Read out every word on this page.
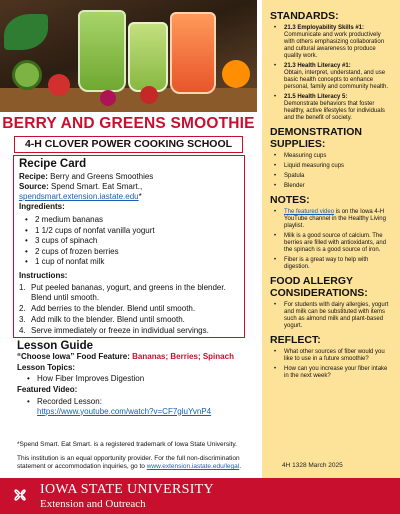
BERRY AND GREENS SMOOTHIE
4-H CLOVER POWER COOKING SCHOOL
Recipe Card
Recipe: Berry and Greens Smoothies
Source: Spend Smart. Eat Smart., spendsmart.extension.iastate.edu*
Ingredients:
• 2 medium bananas
• 1 1/2 cups of nonfat vanilla yogurt
• 3 cups of spinach
• 2 cups of frozen berries
• 1 cup of nonfat milk
Instructions:
1. Put peeled bananas, yogurt, and greens in the blender. Blend until smooth.
2. Add berries to the blender. Blend until smooth.
3. Add milk to the blender. Blend until smooth.
4. Serve immediately or freeze in individual servings.
Lesson Guide
“Choose Iowa” Food Feature: Bananas; Berries; Spinach
Lesson Topics:
• How Fiber Improves Digestion
Featured Video:
• Recorded Lesson:
https://www.youtube.com/watch?v=CF7gluYvnP4
*Spend Smart. Eat Smart. is a registered trademark of Iowa State University.
This institution is an equal opportunity provider. For the full non-discrimination statement or accommodation inquiries, go to www.extension.iastate.edu/legal.
STANDARDS:
• 21.3 Employability Skills #1:
Communicate and work productively with others emphasizing collaboration and cultural awareness to produce quality work.
• 21.3 Health Literacy #1:
Obtain, interpret, understand, and use basic health concepts to enhance personal, family and community health.
• 21.5 Health Literacy 5:
Demonstrate behaviors that foster healthy, active lifestyles for individuals and the benefit of society.
DEMONSTRATION SUPPLIES:
• Measuring cups
• Liquid measuring cups
• Spatula
• Blender
NOTES:
• The featured video is on the Iowa 4-H YouTube channel in the Healthy Living playlist.
• Milk is a good source of calcium. The berries are filled with antioxidants, and the spinach is a good source of iron.
• Fiber is a great way to help with digestion.
FOOD ALLERGY CONSIDERATIONS:
• For students with dairy allergies, yogurt and milk can be substituted with items such as almond milk and plant-based yogurt.
REFLECT:
• What other sources of fiber would you like to use in a future smoothie?
• How can you increase your fiber intake in the next week?
4H 1328 March 2025
IOWA STATE UNIVERSITY
Extension and Outreach
